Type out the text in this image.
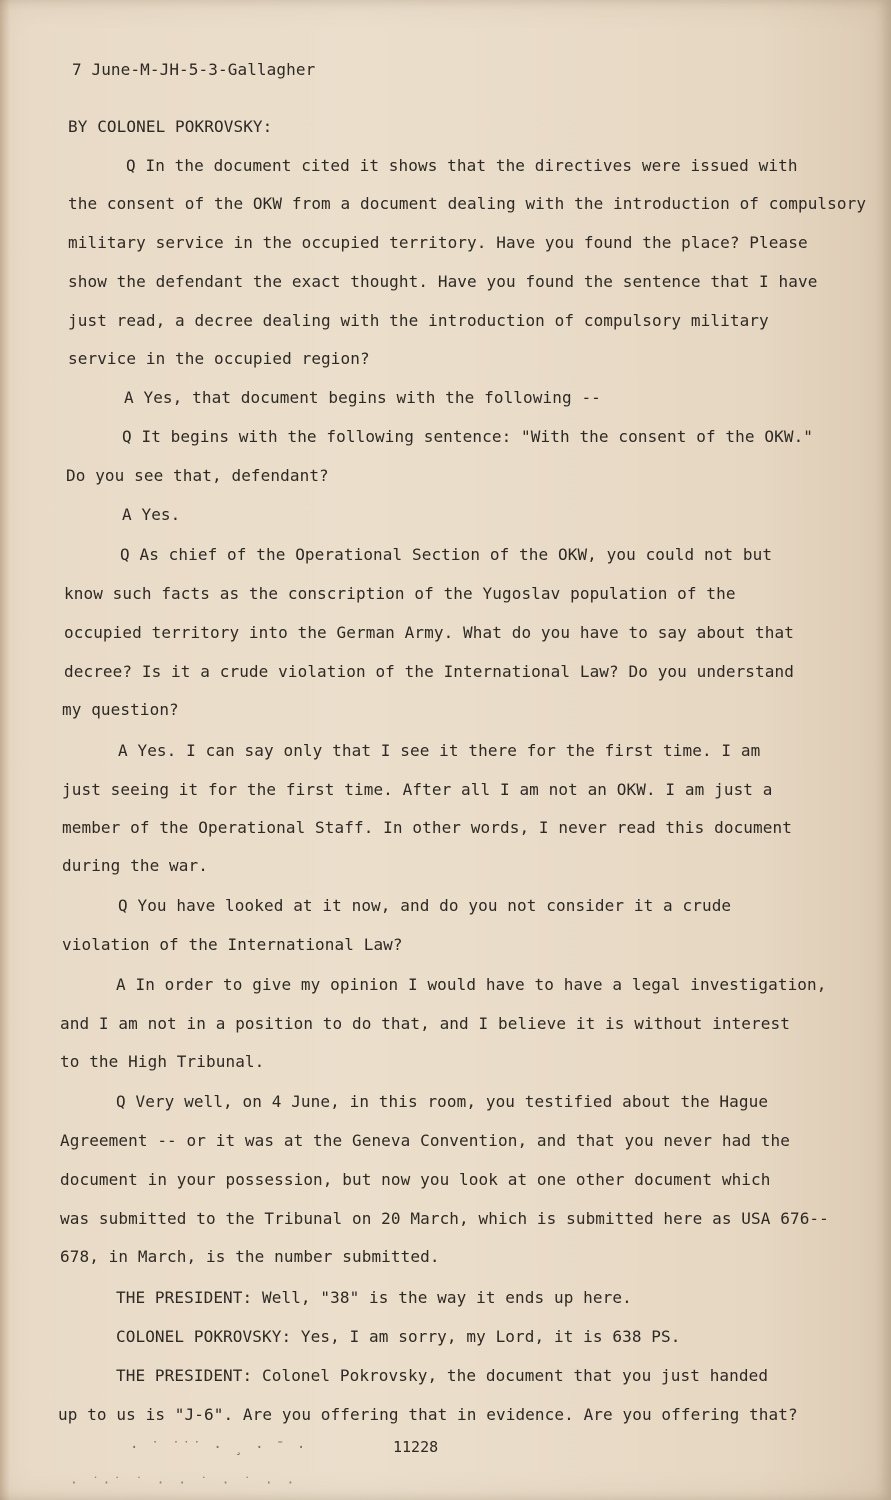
7 June-M-JH-5-3-Gallagher
BY COLONEL POKROVSKY:
Q In the document cited it shows that the directives were issued with
the consent of the OKW from a document dealing with the introduction of compulsory
military service in the occupied territory. Have you found the place? Please
show the defendant the exact thought. Have you found the sentence that I have
just read, a decree dealing with the introduction of compulsory military
service in the occupied region?
A Yes, that document begins with the following --
Q It begins with the following sentence: "With the consent of the OKW."
Do you see that, defendant?
A Yes.
Q As chief of the Operational Section of the OKW, you could not but
know such facts as the conscription of the Yugoslav population of the
occupied territory into the German Army. What do you have to say about that
decree? Is it a crude violation of the International Law? Do you understand
my question?
A Yes. I can say only that I see it there for the first time. I am
just seeing it for the first time. After all I am not an OKW. I am just a
member of the Operational Staff. In other words, I never read this document
during the war.
Q You have looked at it now, and do you not consider it a crude
violation of the International Law?
A In order to give my opinion I would have to have a legal investigation,
and I am not in a position to do that, and I believe it is without interest
to the High Tribunal.
Q Very well, on 4 June, in this room, you testified about the Hague
Agreement -- or it was at the Geneva Convention, and that you never had the
document in your possession, but now you look at one other document which
was submitted to the Tribunal on 20 March, which is submitted here as USA 676--
678, in March, is the number submitted.
THE PRESIDENT: Well, "38" is the way it ends up here.
COLONEL POKROVSKY: Yes, I am sorry, my Lord, it is 638 PS.
THE PRESIDENT: Colonel Pokrovsky, the document that you just handed
up to us is "J-6". Are you offering that in evidence. Are you offering that?
· ˙ ˙˙˙ · ¸ · ˉ ·	11228
· ˙·˙ ˙ · · ˙ · ˙ · ·
